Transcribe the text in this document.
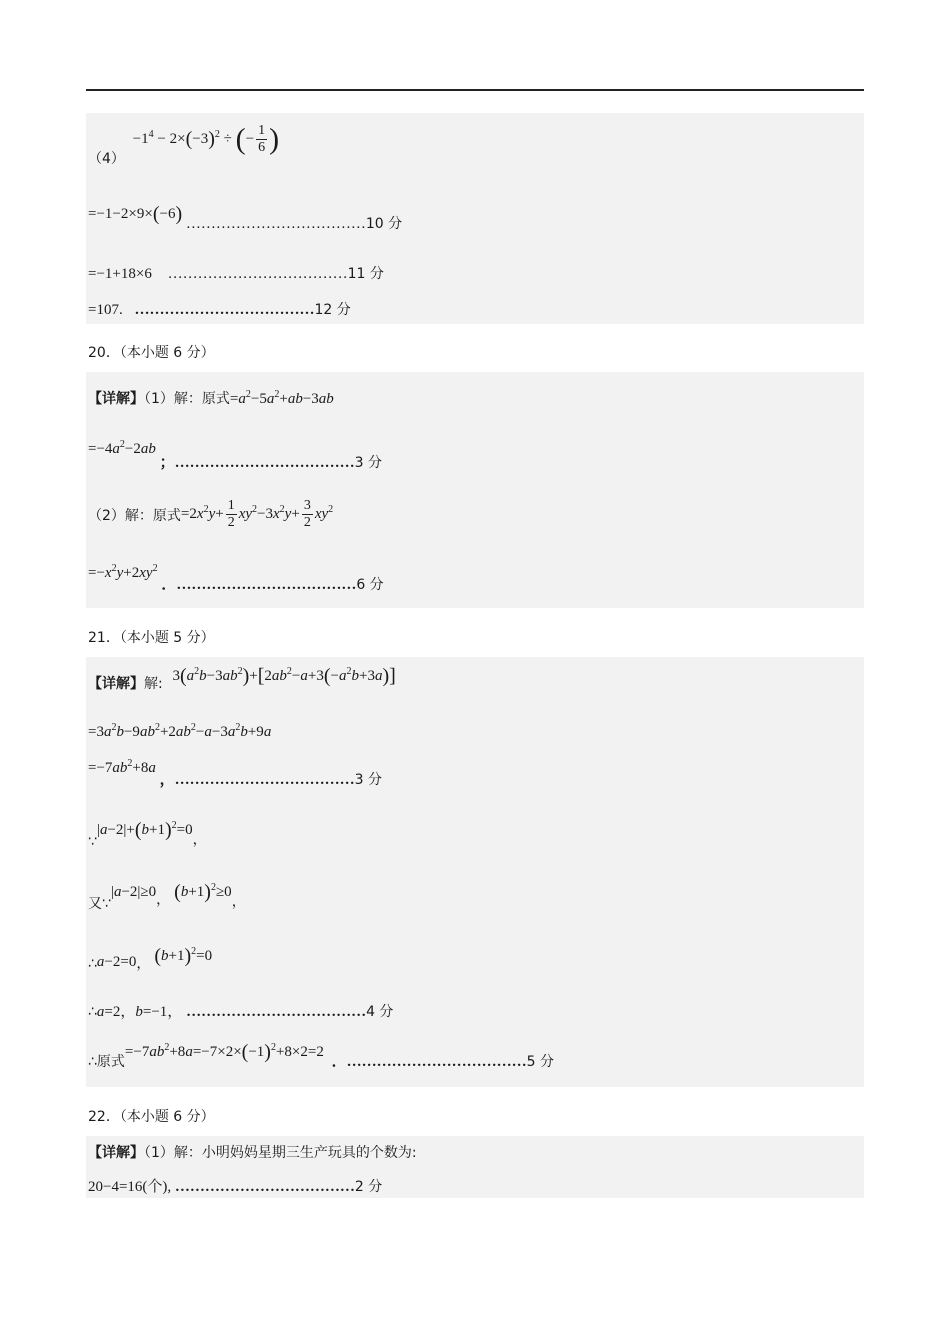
$(4) -1^4 - 2\times(-3)^2$ ÷ (− $\frac{1}{6}$ )
=−1−2×9×(−6) ………………………………10 分
=−1+18×6 ………………………………11 分
=107. ………………………………12 分
20．（本小题 6 分）
【详解】（1）解：原式$=a^2-5a^2+ab-3ab$
$=-4a^2-2ab$ ；………………………………3 分
（2）解：原式$=2x^2y+ \frac{1}{2} xy^2-3x^2y+ \frac{3}{2} xy^2$
$=-x^2y+2xy^2$ ．………………………………6 分
21．（本小题 5 分）
【详解】解: $3(a^2b-3ab^2)+[2ab^2-a+3(-a^2b+3a)]$
$=3a^2b-9ab^2+2ab^2-a-3a^2b+9a$
$=-7ab^2+8a$ ，………………………………3 分
$\because|a-2|+(b+1)^2=0$，
又∵|a−2|≥0， $(b+1)^2\ge 0$，
∴a−2=0， $(b+1)^2=0$
∴a=2，b=−1， ………………………………4 分
∴原式$=-7ab^2+8a=-7\times 2\times(-1)^2+8\times 2=2$ ．………………………………5 分
22．（本小题 6 分）
【详解】（1）解：小明妈妈星期三生产玩具的个数为:
20−4=16(个), ………………………………2 分
